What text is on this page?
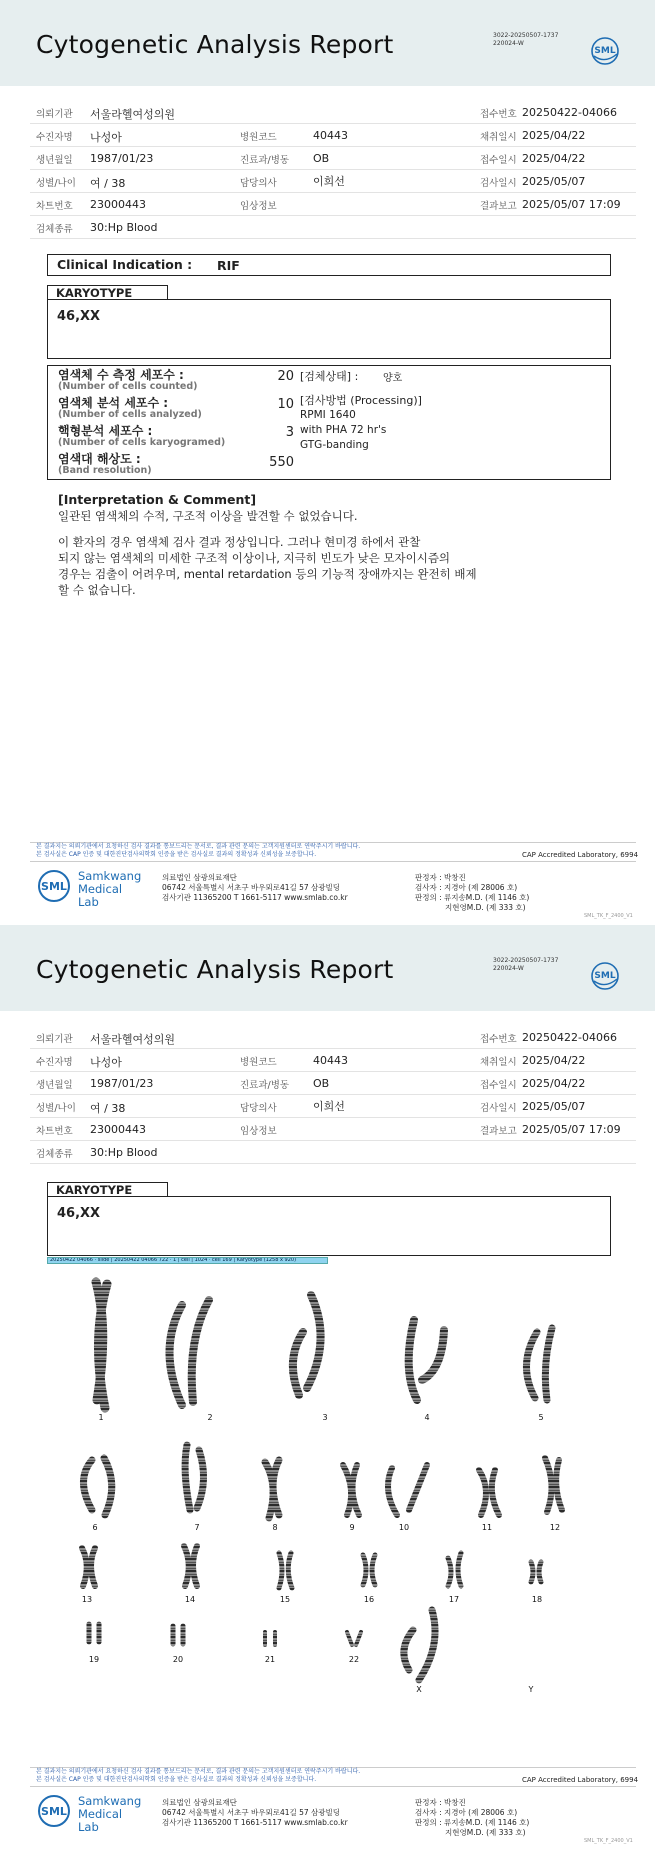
Cytogenetic Analysis Report	3022-20250507-1737
220024-W
SML
의뢰기관 서울라헬여성의원	접수번호 20250422-04066
수진자명 나성아	병원코드	40443	채취일시 2025/04/22
생년월일 1987/01/23	진료과/병동 OB	접수일시 2025/04/22
성별/나이 여 / 38	담당의사	이희선	검사일시 2025/05/07
차트번호 23000443	임상정보	결과보고 2025/05/07 17:09
검체종류 30:Hp Blood
Clinical Indication : RIF
KARYOTYPE
46,XX
염색체 수 측정 세포수 :
(Number of cells counted)
20
염색체 분석 세포수 :
(Number of cells analyzed)
10
핵형분석 세포수 :
(Number of cells karyogramed)
3
염색대 해상도 :
(Band resolution)
550
[검체상태] : 양호
[검사방법 (Processing)]
RPMI 1640
with PHA 72 hr's
GTG-banding
[Interpretation & Comment]
일관된 염색체의 수적, 구조적 이상을 발견할 수 없었습니다.
이 환자의 경우 염색체 검사 결과 정상입니다. 그러나 현미경 하에서 관찰
되지 않는 염색체의 미세한 구조적 이상이나, 지극히 빈도가 낮은 모자이시즘의
경우는 검출이 어려우며, mental retardation 등의 기능적 장애까지는 완전히 배제
할 수 없습니다.
본 결과지는 의뢰기관에서 요청하신 검사 결과를 통보드리는 문서로, 결과 관련 문의는 고객지원센터로 연락주시기 바랍니다.
본 검사실은 CAP 인증 및 대한진단검사의학회 인증을 받은 검사실로 결과의 정확성과 신뢰성을 보증합니다.	CAP Accredited Laboratory, 6994
SML
Samkwang
Medical Lab
의료법인 삼광의료재단
06742 서울특별시 서초구 바우뫼로41길 57 삼광빌딩
검사기관 11365200 T 1661-5117 www.smlab.co.kr
판정자 : 박창진
검사자 : 지경아 (제 28006 호)
판정의 : 류지송M.D. (제 1146 호)
지현영M.D. (제 333 호)
SML_TK_F_2400_V1
Cytogenetic Analysis Report	3022-20250507-1737
220024-W
SML
의뢰기관 서울라헬여성의원	접수번호 20250422-04066
수진자명 나성아	병원코드	40443	채취일시 2025/04/22
생년월일 1987/01/23	진료과/병동 OB	접수일시 2025/04/22
성별/나이 여 / 38	담당의사	이희선	검사일시 2025/05/07
차트번호 23000443	임상정보	결과보고 2025/05/07 17:09
검체종류 30:Hp Blood
KARYOTYPE
46,XX
20250422 04066 · slide | 20250422 04066 722 · 1 | cell | 1024 · cell 169 | Karyotype (1258 x 920)
1	2	3	4	5
6	7	8	9	10	11	12
13	14	15	16	17	18
19	20	21	22
X	Y
본 결과지는 의뢰기관에서 요청하신 검사 결과를 통보드리는 문서로, 결과 관련 문의는 고객지원센터로 연락주시기 바랍니다.
본 검사실은 CAP 인증 및 대한진단검사의학회 인증을 받은 검사실로 결과의 정확성과 신뢰성을 보증합니다.	CAP Accredited Laboratory, 6994
SML
Samkwang
Medical Lab
의료법인 삼광의료재단
06742 서울특별시 서초구 바우뫼로41길 57 삼광빌딩
검사기관 11365200 T 1661-5117 www.smlab.co.kr
판정자 : 박창진
검사자 : 지경아 (제 28006 호)
판정의 : 류지송M.D. (제 1146 호)
지현영M.D. (제 333 호)
SML_TK_F_2400_V1
